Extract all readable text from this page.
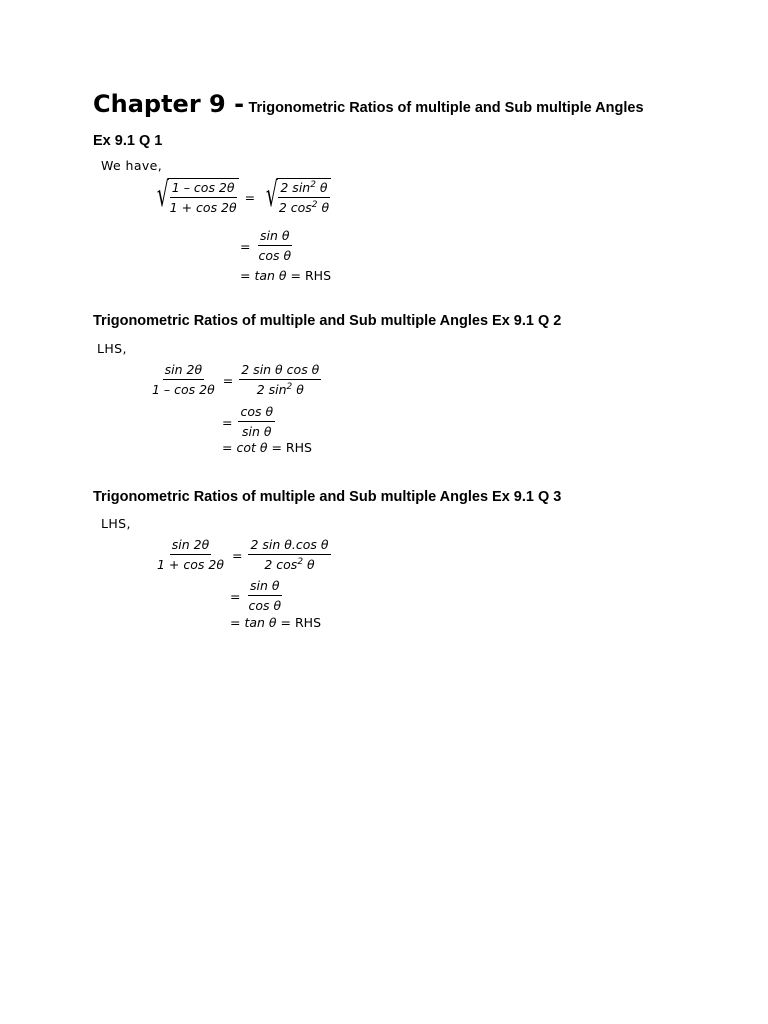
Chapter 9 - Trigonometric Ratios of multiple and Sub multiple Angles
Ex 9.1 Q 1
We have,
√
$\frac{1 - \cos 2\theta}{1 + \cos 2\theta}$ = √
$\frac{2 \sin^2 \theta}{2 \cos^2 \theta}$
= $\frac{\text{sin θ}}{\text{cos θ}}$
= tan θ = RHS
Trigonometric Ratios of multiple and Sub multiple Angles Ex 9.1 Q 2
LHS,
$\frac{\sin 2\theta}{1 - \cos 2\theta} = \frac{\text{2 sin θ cos θ}}{2 \sin^2 \theta}$
= $\frac{\text{cos θ}}{\text{sin θ}}$
= cot θ = RHS
Trigonometric Ratios of multiple and Sub multiple Angles Ex 9.1 Q 3
LHS,
$\frac{\sin 2\theta}{1 + \cos 2\theta} = \frac{\text{2 sin θ.cos θ}}{2 \cos^2 \theta}$
= $\frac{\text{sin θ}}{\text{cos θ}}$
= tan θ = RHS
